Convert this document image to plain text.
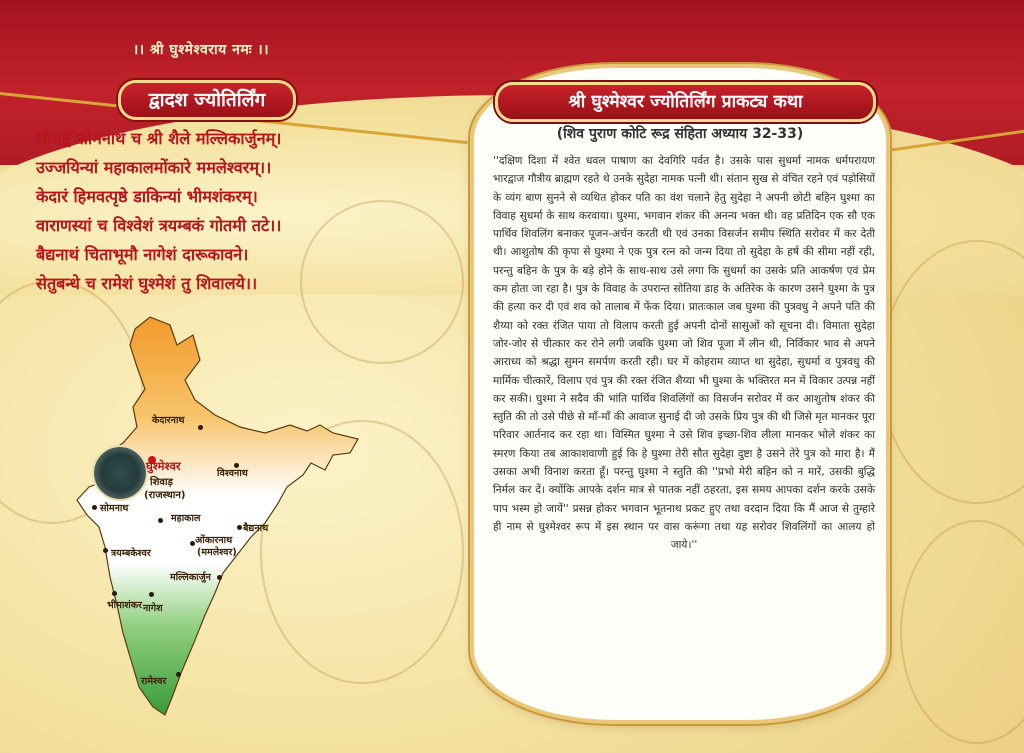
।। श्री घुश्मेश्वराय नमः ।।
द्वादश ज्योतिर्लिंग
सौराष्ट्रे सोमनाथं च श्री शैले मल्लिकार्जुनम्।
उज्जयिन्यां महाकालमोंकारे ममलेश्वरम्।।
केदारं हिमवत्पृष्ठे डाकिन्यां भीमशंकरम्।
वाराणस्यां च विश्वेशं त्रयम्बकं गोतमी तटे।।
बैद्यनाथं चिताभूमौ नागेशं दारूकावने।
सेतुबन्धे च रामेशं घुश्मेशं तु शिवालये।।
केदारनाथ
घुश्मेश्वर
शिवाड़
(राजस्थान)
विश्वनाथ
सोमनाथ
महाकाल
बैद्यनाथ
ओंकारनाथ
(ममलेश्वर)
त्रयम्बकेश्वर
मल्लिकार्जुन
भीमाशंकर नागेश
रामेश्वर
श्री घुश्मेश्वर ज्योतिर्लिंग प्राकट्य कथा
(शिव पुराण कोटि रूद्र संहिता अध्याय 32-33)
''दक्षिण दिशा में श्वेत धवल पाषाण का देवगिरि पर्वत है। उसके पास सुधर्मा नामक धर्मपरायण भारद्वाज गौत्रीय ब्राह्मण रहते थे उनके सुदेहा नामक पत्नी थी। संतान सुख से वंचित रहने एवं पड़ोसियों के व्यंग बाण सुनने से व्यथित होकर पति का वंश चलाने हेतु सुदेहा ने अपनी छोटी बहिन घुश्मा का विवाह सुधर्मा के साथ करवाया। घुश्मा, भगवान शंकर की अनन्य भक्त थी। वह प्रतिदिन एक सौ एक पार्थिव शिवलिंग बनाकर पूजन-अर्चन करती थी एवं उनका विसर्जन समीप स्थिति सरोवर में कर देती थी। आशुतोष की कृपा से घुश्मा ने एक पुत्र रत्न को जन्म दिया तो सुदेहा के हर्ष की सीमा नहीं रही, परन्तु बहिन के पुत्र के बड़े होने के साथ-साथ उसे लगा कि सुधर्मा का उसके प्रति आकर्षण एवं प्रेम कम होता जा रहा है। पुत्र के विवाह के उपरान्त सोतिया डाह के अतिरेक के कारण उसने घुश्मा के पुत्र की हत्या कर दी एवं शव को तालाब में फेंक दिया। प्रातःकाल जब घुश्मा की पुत्रवधु ने अपने पति की शैय्या को रक्त रंजित पाया तो विलाप करती हुई अपनी दोनों सासुओं को सूचना दी। विमाता सुदेहा जोर-जोर से चीत्कार कर रोने लगी जबकि घुश्मा जो शिव पूजा में लीन थी, निर्विकार भाव से अपने आराध्य को श्रद्धा सुमन समर्पण करती रही। घर में कोहराम व्याप्त था सुदेहा, सुधर्मा व पुत्रवधु की मार्मिक चीत्कारें, विलाप एवं पुत्र की रक्त रंजित शैय्या भी घुश्मा के भक्तिरत मन में विकार उत्पन्न नहीं कर सकी। घुश्मा ने सदैव की भांति पार्थिव शिवलिंगों का विसर्जन सरोवर में कर आशुतोष शंकर की स्तुति की तो उसे पीछे से माँ-माँ की आवाज सुनाई दी जो उसके प्रिय पुत्र की थी जिसे मृत मानकर पूरा परिवार आर्तनाद कर रहा था। विस्मित घुश्मा ने उसे शिव इच्छा-शिव लीला मानकर भोले शंकर का स्मरण किया तब आकाशवाणी हुई कि हे घुश्मा तेरी सौत सुदेहा दुष्टा है उसने तेरे पुत्र को मारा है। मैं उसका अभी विनाश करता हूँ। परन्तु घुश्मा ने स्तुति की ''प्रभो मेरी बहिन को न मारें, उसकी बुद्धि निर्मल कर दें। क्योंकि आपके दर्शन मात्र से पातक नहीं ठहरता, इस समय आपका दर्शन करके उसके पाप भस्म हो जायें'' प्रसन्न होकर भगवान भूतनाथ प्रकट हुए तथा वरदान दिया कि मैं आज से तुम्हारे ही नाम से घुश्मेश्वर रूप में इस स्थान पर वास करूंगा तथा यह सरोवर शिवलिंगों का आलय हो जाये।''
